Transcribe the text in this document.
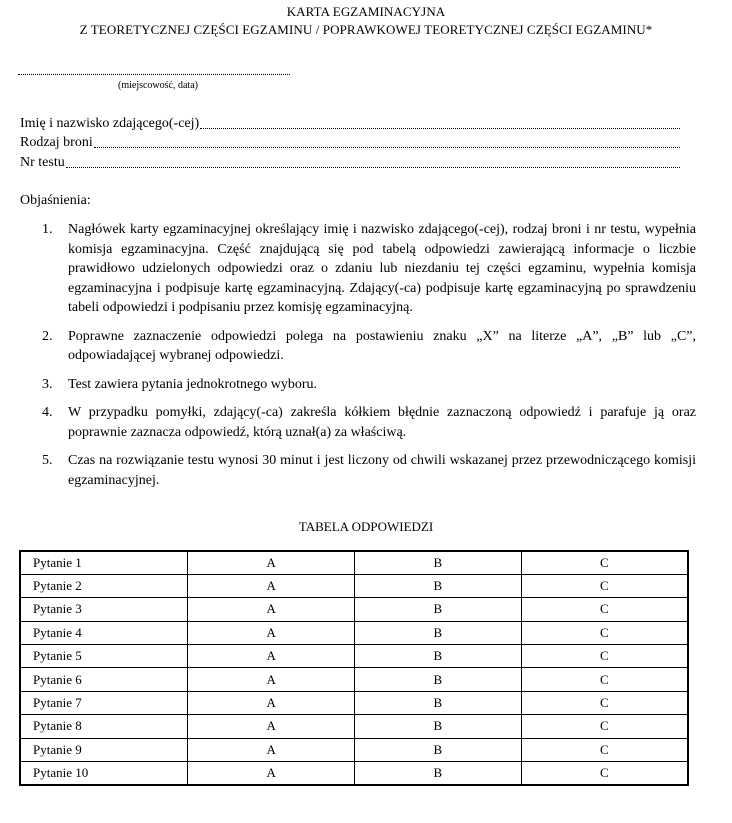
KARTA EGZAMINACYJNA
Z TEORETYCZNEJ CZĘŚCI EGZAMINU / POPRAWKOWEJ TEORETYCZNEJ CZĘŚCI EGZAMINU*
(miejscowość, data)
Imię i nazwisko zdającego(-cej)
Rodzaj broni
Nr testu
Objaśnienia:
1.	Nagłówek karty egzaminacyjnej określający imię i nazwisko zdającego(-cej), rodzaj broni i nr testu, wypełnia komisja egzaminacyjna. Część znajdującą się pod tabelą odpowiedzi zawierającą informacje o liczbie prawidłowo udzielonych odpowiedzi oraz o zdaniu lub niezdaniu tej części egzaminu, wypełnia komisja egzaminacyjna i podpisuje kartę egzaminacyjną. Zdający(-ca) podpisuje kartę egzaminacyjną po sprawdzeniu tabeli odpowiedzi i podpisaniu przez komisję egzaminacyjną.
2.	Poprawne zaznaczenie odpowiedzi polega na postawieniu znaku „X” na literze „A”, „B” lub „C”, odpowiadającej wybranej odpowiedzi.
3.	Test zawiera pytania jednokrotnego wyboru.
4.	W przypadku pomyłki, zdający(-ca) zakreśla kółkiem błędnie zaznaczoną odpowiedź i parafuje ją oraz poprawnie zaznacza odpowiedź, którą uznał(a) za właściwą.
5.	Czas na rozwiązanie testu wynosi 30 minut i jest liczony od chwili wskazanej przez przewodniczącego komisji egzaminacyjnej.
TABELA ODPOWIEDZI
Pytanie 1	A	B	C
Pytanie 2	A	B	C
Pytanie 3	A	B	C
Pytanie 4	A	B	C
Pytanie 5	A	B	C
Pytanie 6	A	B	C
Pytanie 7	A	B	C
Pytanie 8	A	B	C
Pytanie 9	A	B	C
Pytanie 10	A	B	C
